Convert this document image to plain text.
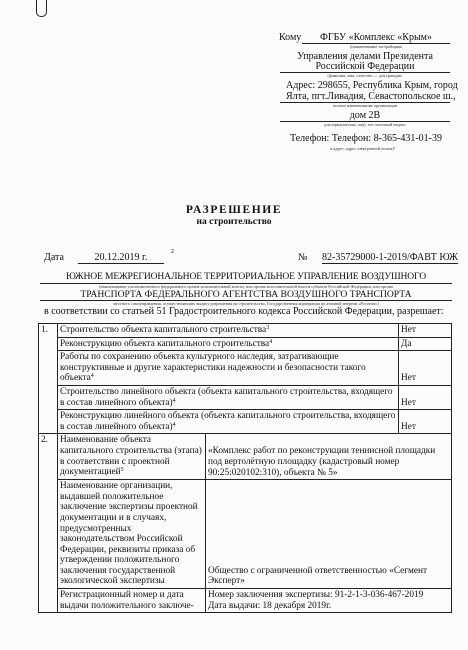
Кому	ФГБУ «Комплекс «Крым»
(наименование застройщика
Управления делами Президента
Российской Федерации
(фамилия, имя, отчество — для граждан,
Адрес: 298655, Республика Крым, город
Ялта, пгт.Ливадия, Севастопольское ш.,
полное наименование организации
дом 2В
для юридических лиц), его почтовый индекс
Телефон: Телефон: 8-365-431-01-39
и адрес, адрес электронной почты)¹
РАЗРЕШЕНИЕ
на строительство
Дата	20.12.2019 г.	2	№ 82-35729000-1-2019/ФАВТ ЮЖ
ЮЖНОЕ МЕЖРЕГИОНАЛЬНОЕ ТЕРРИТОРИАЛЬНОЕ УПРАВЛЕНИЕ ВОЗДУШНОГО
(наименование уполномоченного федерального органа исполнительной власти, или органа исполнительной власти субъекта Российской Федерации, или органа
ТРАНСПОРТА ФЕДЕРАЛЬНОГО АГЕНТСТВА ВОЗДУШНОГО ТРАНСПОРТА
местного самоуправления, осуществляющих выдачу разрешения на строительство, Государственная корпорация по атомной энергии «Росатом»)
в соответствии со статьей 51 Градостроительного кодекса Российской Федерации, разрешает:
1.	Строительство объекта капитального строительства$^3$		Нет
	Реконструкцию объекта капитального строительства$^4$		Да
	Работы по сохранению объекта культурного наследия, затрагивающие конструктивные и другие характеристики надежности и безопасности такого объекта$^4$		Нет
	Строительство линейного объекта (объекта капитального строительства, входящего в состав линейного объекта)$^4$		Нет
	Реконструкцию линейного объекта (объекта капитального строительства, входящего в состав линейного объекта)$^4$		Нет
2.	Наименование объекта капитального строительства (этапа) в соответствии с проектной документацией$^5$	«Комплекс работ по реконструкции теннисной площадки под вертолётную площадку (кадастровый номер 90:25:020102:310), объекта № 5»	
	Наименование организации, выдавшей положительное заключение экспертизы проектной документации и в случаях, предусмотренных законодательством Российской Федерации, реквизиты приказа об утверждении положительного заключения государственной экологической экспертизы	Общество с ограниченной ответственностью «Сегмент Эксперт»	
	Регистрационный номер и дата выдачи положительного заключе-	Номер заключения экспертизы: 91-2-1-3-036-467-2019
Дата выдачи: 18 декабря 2019г.	
